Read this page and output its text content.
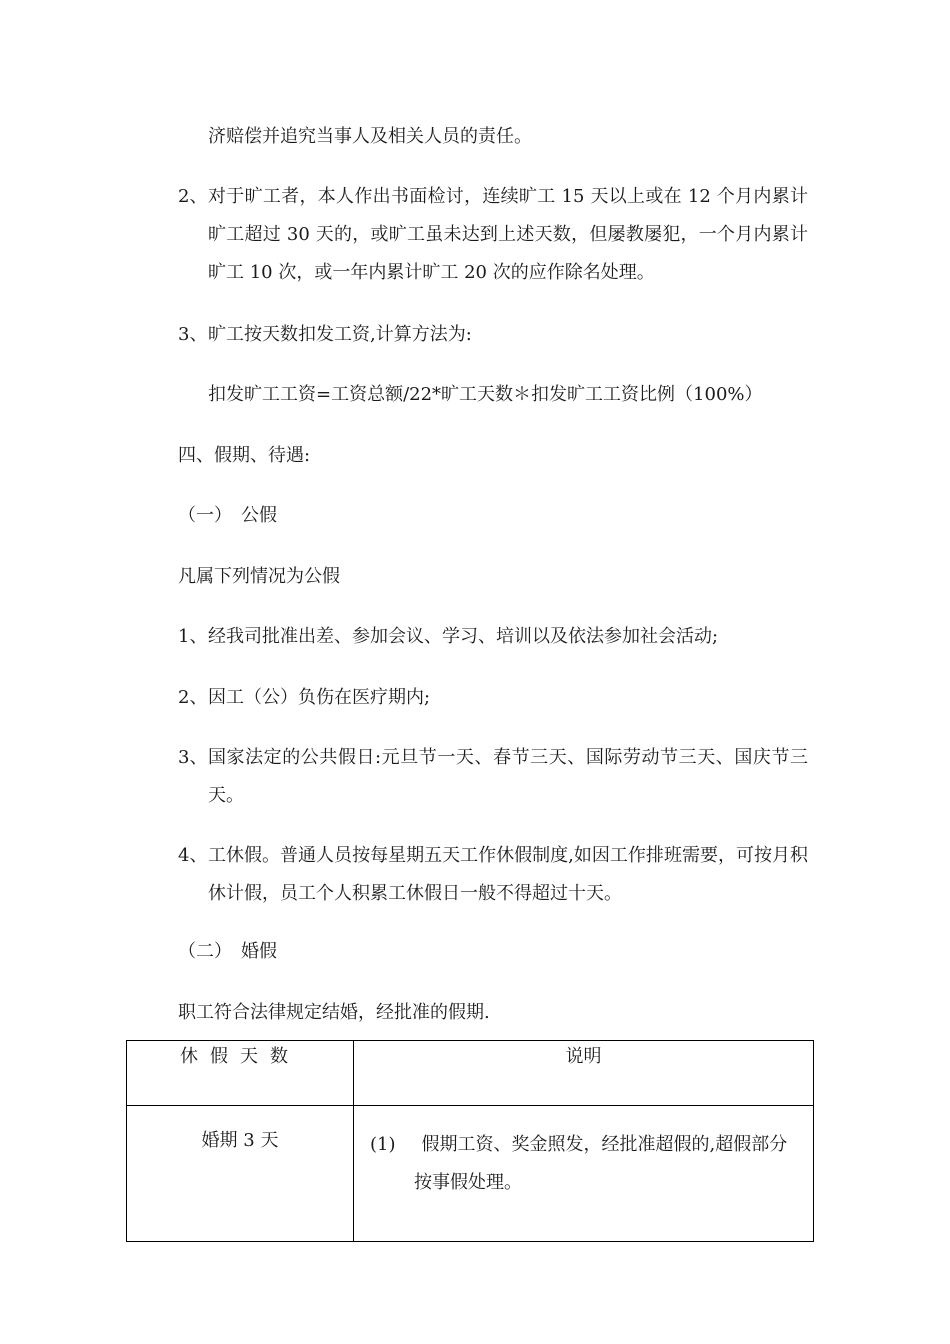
济赔偿并追究当事人及相关人员的责任。
2、 对于旷工者，本人作出书面检讨，连续旷工 15 天以上或在 12 个月内累计旷工超过 30 天的，或旷工虽未达到上述天数，但屡教屡犯，一个月内累计旷工 10 次，或一年内累计旷工 20 次的应作除名处理。
3、 旷工按天数扣发工资,计算方法为:
扣发旷工工资=工资总额/22*旷工天数＊扣发旷工工资比例（100%）
四、假期、待遇:
（一）　公假
凡属下列情况为公假
1、 经我司批准出差、参加会议、学习、培训以及依法参加社会活动;
2、 因工（公）负伤在医疗期内;
3、 国家法定的公共假日:元旦节一天、春节三天、国际劳动节三天、国庆节三天。
4、 工休假。普通人员按每星期五天工作休假制度,如因工作排班需要，可按月积休计假，员工个人积累工休假日一般不得超过十天。
（二）　婚假
职工符合法律规定结婚，经批准的假期.
休假天数	说明
婚期 3 天	(1) 假期工资、奖金照发，经批准超假的,超假部分按事假处理。
